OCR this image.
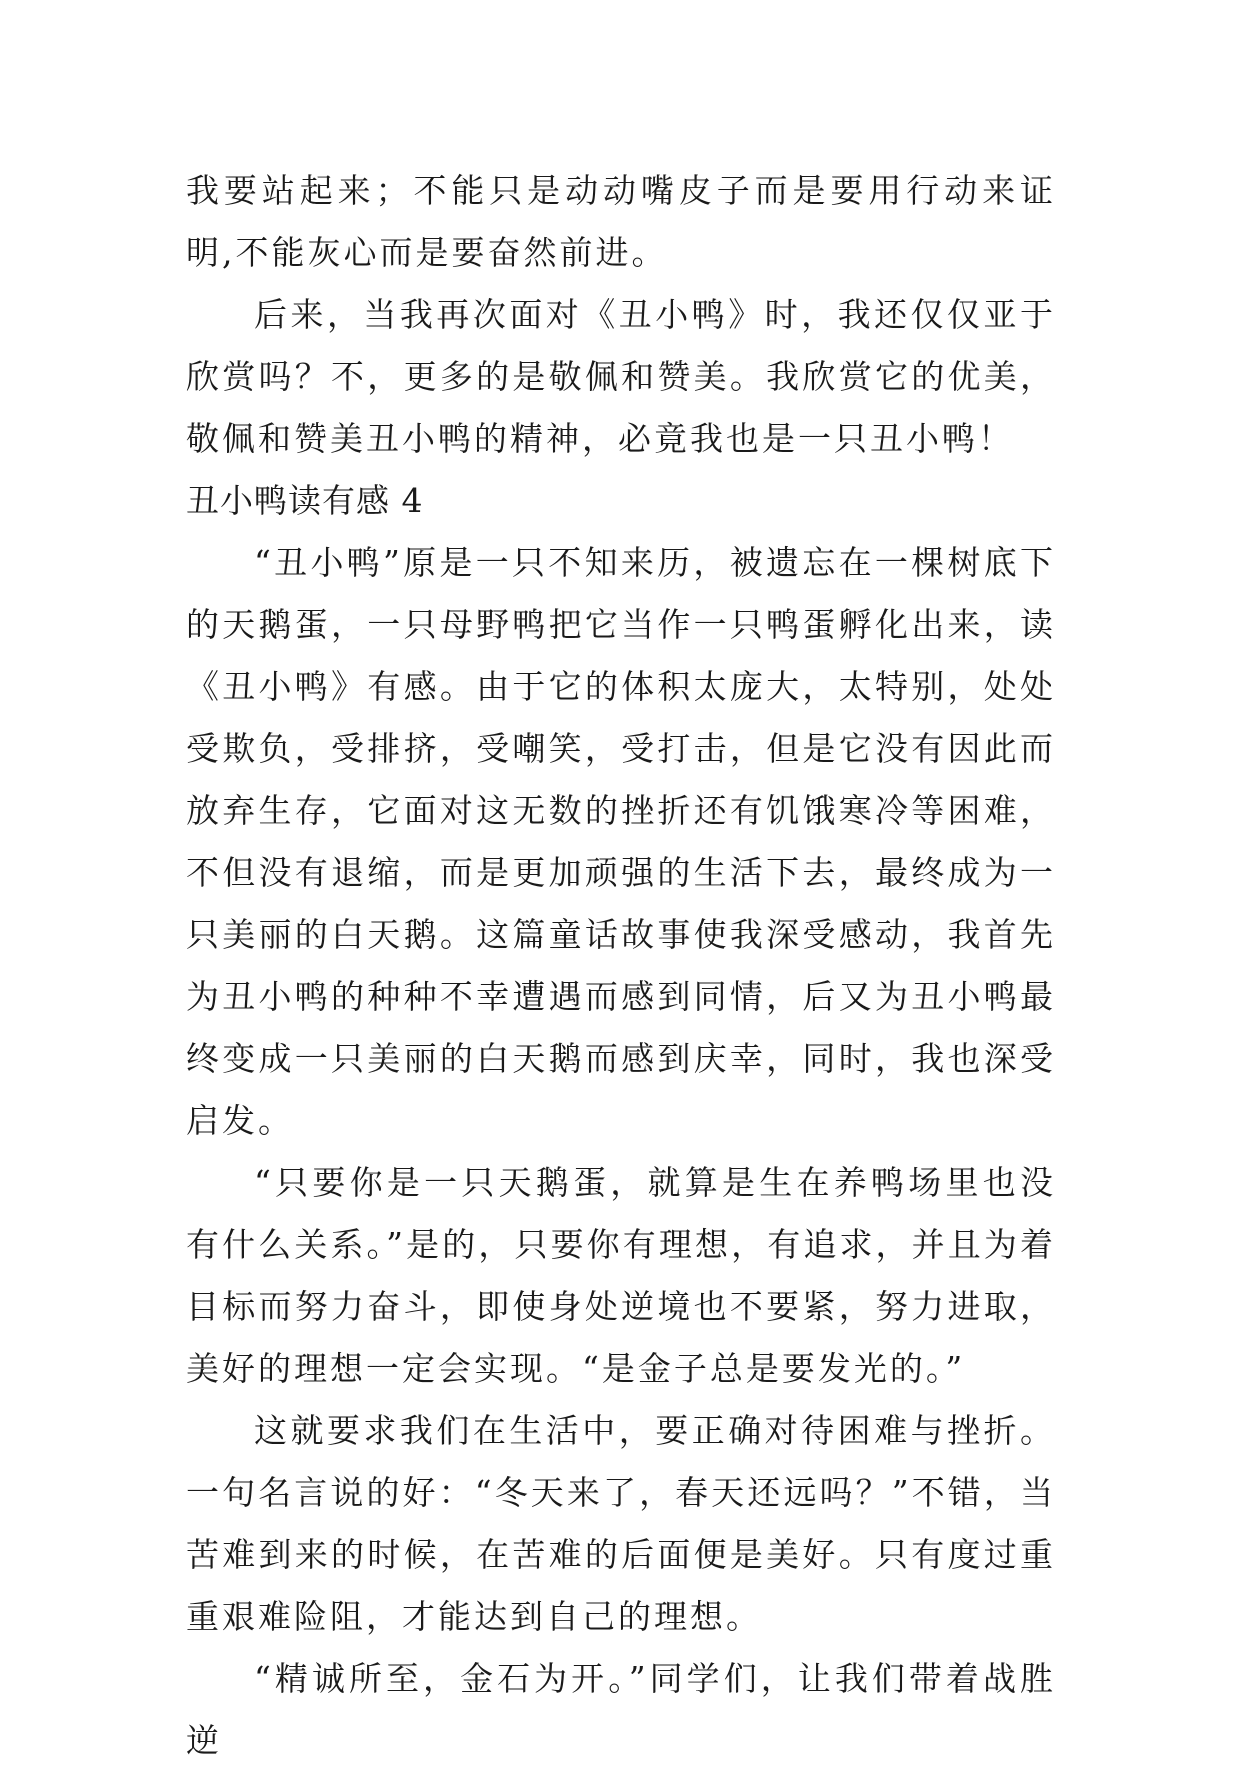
我要站起来；不能只是动动嘴皮子而是要用行动来证明,不能灰心而是要奋然前进。

后来，当我再次面对《丑小鸭》时，我还仅仅亚于欣赏吗？不，更多的是敬佩和赞美。我欣赏它的优美，敬佩和赞美丑小鸭的精神，必竟我也是一只丑小鸭！

丑小鸭读有感 4

“丑小鸭”原是一只不知来历，被遗忘在一棵树底下的天鹅蛋，一只母野鸭把它当作一只鸭蛋孵化出来，读《丑小鸭》有感。由于它的体积太庞大，太特别，处处受欺负，受排挤，受嘲笑，受打击，但是它没有因此而放弃生存，它面对这无数的挫折还有饥饿寒冷等困难，不但没有退缩，而是更加顽强的生活下去，最终成为一只美丽的白天鹅。这篇童话故事使我深受感动，我首先为丑小鸭的种种不幸遭遇而感到同情，后又为丑小鸭最终变成一只美丽的白天鹅而感到庆幸，同时，我也深受启发。

“只要你是一只天鹅蛋，就算是生在养鸭场里也没有什么关系。”是的，只要你有理想，有追求，并且为着目标而努力奋斗，即使身处逆境也不要紧，努力进取，美好的理想一定会实现。“是金子总是要发光的。”

这就要求我们在生活中，要正确对待困难与挫折。一句名言说的好：“冬天来了，春天还远吗？”不错，当苦难到来的时候，在苦难的后面便是美好。只有度过重重艰难险阻，才能达到自己的理想。

“精诚所至，金石为开。”同学们，让我们带着战胜逆
